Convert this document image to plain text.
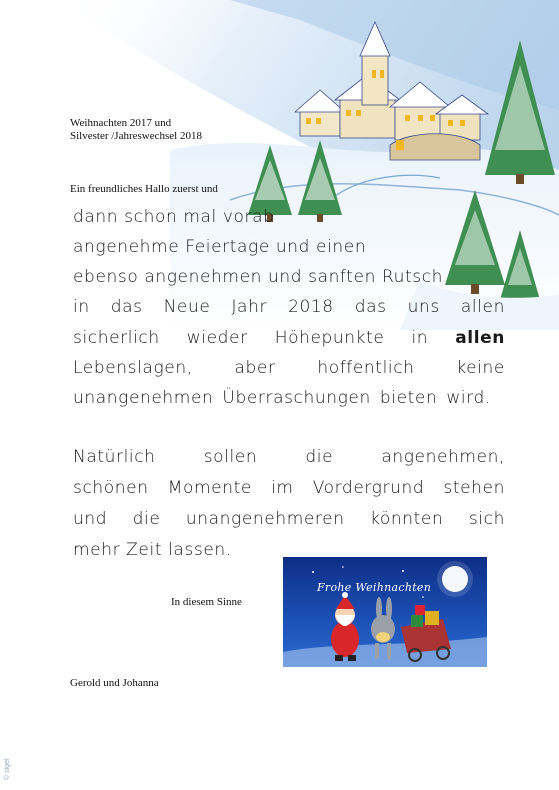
Weihnachten 2017 und
Silvester /Jahreswechsel 2018
Ein freundliches Hallo zuerst und
dann schon mal vorab
angenehme Feiertage und einen
ebenso angenehmen und sanften Rutsch
in das Neue Jahr 2018 das uns allen
sicherlich wieder Höhepunkte in allen
Lebenslagen, aber hoffentlich keine
unangenehmen Überraschungen bieten wird.
Natürlich	sollen	die	angenehmen,
schönen Momente im Vordergrund stehen
und die unangenehmeren könnten sich
mehr Zeit lassen.
In diesem Sinne
Frohe Weihnachten
Gerold und Johanna
© sigel
